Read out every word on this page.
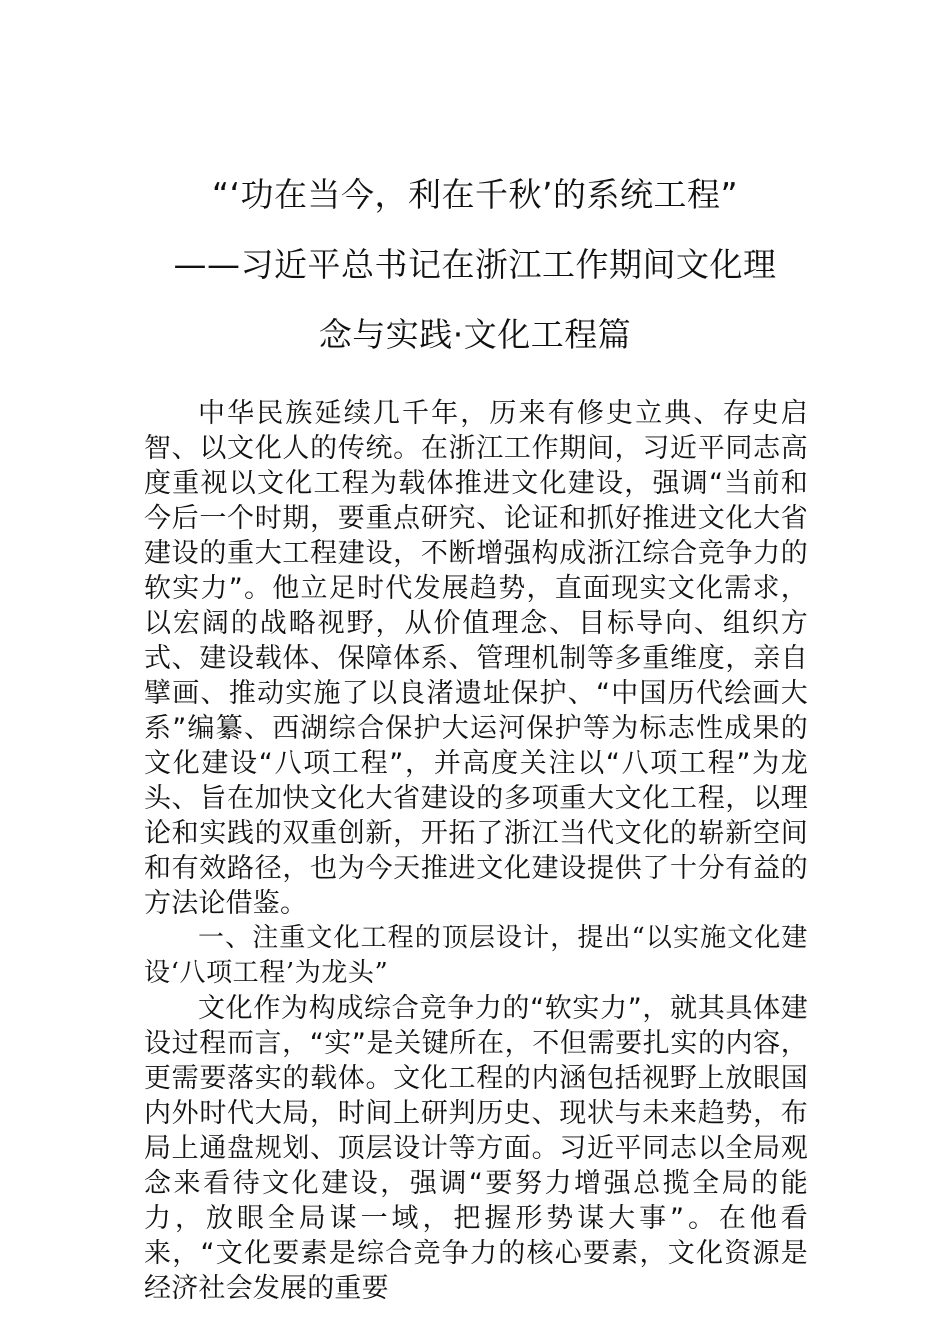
“‘功在当今，利在千秋’的系统工程”
——习近平总书记在浙江工作期间文化理
念与实践·文化工程篇

中华民族延续几千年，历来有修史立典、存史启智、以文化人的传统。在浙江工作期间，习近平同志高度重视以文化工程为载体推进文化建设，强调“当前和今后一个时期，要重点研究、论证和抓好推进文化大省建设的重大工程建设，不断增强构成浙江综合竞争力的软实力”。他立足时代发展趋势，直面现实文化需求，以宏阔的战略视野，从价值理念、目标导向、组织方式、建设载体、保障体系、管理机制等多重维度，亲自擘画、推动实施了以良渚遗址保护、“中国历代绘画大系”编纂、西湖综合保护大运河保护等为标志性成果的文化建设“八项工程”，并高度关注以“八项工程”为龙头、旨在加快文化大省建设的多项重大文化工程，以理论和实践的双重创新，开拓了浙江当代文化的崭新空间和有效路径，也为今天推进文化建设提供了十分有益的方法论借鉴。

一、注重文化工程的顶层设计，提出“以实施文化建设‘八项工程’为龙头”

文化作为构成综合竞争力的“软实力”，就其具体建设过程而言，“实”是关键所在，不但需要扎实的内容，更需要落实的载体。文化工程的内涵包括视野上放眼国内外时代大局，时间上研判历史、现状与未来趋势，布局上通盘规划、顶层设计等方面。习近平同志以全局观念来看待文化建设，强调“要努力增强总揽全局的能力，放眼全局谋一域，把握形势谋大事”。在他看来，“文化要素是综合竞争力的核心要素，文化资源是经济社会发展的重要
